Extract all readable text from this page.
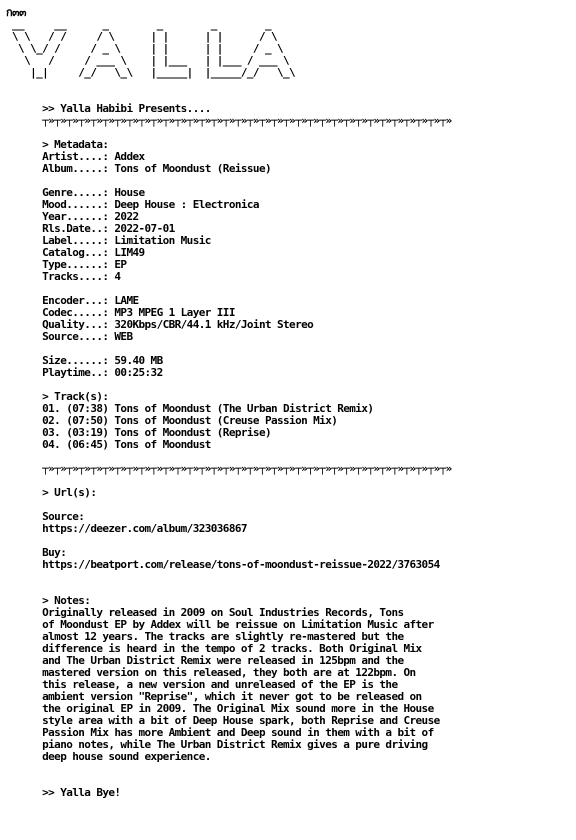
ก๓๓
__     __      _        _        _        _
\ \   / /     / \      | |      | |      / \
\ \_/ /     / _ \     | |      | |     / _ \
\   /     / ___ \    | |___   | |___ / ___ \
|_|     /_/   \_\   |_____|  |_____/_/   \_\
>> Yalla Habibi Presents....
┬»┬»┬»┬»┬»┬»┬»┬»┬»┬»┬»┬»┬»┬»┬»┬»┬»┬»┬»┬»┬»┬»┬»┬»┬»┬»┬»┬»┬»┬»┬»┬»┬»┬»
> Metadata:
Artist....: Addex
Album.....: Tons of Moondust (Reissue)
Genre.....: House
Mood......: Deep House : Electronica
Year......: 2022
Rls.Date..: 2022-07-01
Label.....: Limitation Music
Catalog...: LIM49
Type......: EP
Tracks....: 4
Encoder...: LAME
Codec.....: MP3 MPEG 1 Layer III
Quality...: 320Kbps/CBR/44.1 kHz/Joint Stereo
Source....: WEB
Size......: 59.40 MB
Playtime..: 00:25:32
> Track(s):
01. (07:38) Tons of Moondust (The Urban District Remix)
02. (07:50) Tons of Moondust (Creuse Passion Mix)
03. (03:19) Tons of Moondust (Reprise)
04. (06:45) Tons of Moondust
┬»┬»┬»┬»┬»┬»┬»┬»┬»┬»┬»┬»┬»┬»┬»┬»┬»┬»┬»┬»┬»┬»┬»┬»┬»┬»┬»┬»┬»┬»┬»┬»┬»┬»
> Url(s):
Source:
https://deezer.com/album/323036867
Buy:
https://beatport.com/release/tons-of-moondust-reissue-2022/3763054
> Notes:
Originally released in 2009 on Soul Industries Records, Tons
of Moondust EP by Addex will be reissue on Limitation Music after
almost 12 years. The tracks are slightly re-mastered but the
difference is heard in the tempo of 2 tracks. Both Original Mix
and The Urban District Remix were released in 125bpm and the
mastered version on this released, they both are at 122bpm. On
this release, a new version and unreleased of the EP is the
ambient version "Reprise", which it never got to be released on
the original EP in 2009. The Original Mix sound more in the House
style area with a bit of Deep House spark, both Reprise and Creuse
Passion Mix has more Ambient and Deep sound in them with a bit of
piano notes, while The Urban District Remix gives a pure driving
deep house sound experience.
>> Yalla Bye!
